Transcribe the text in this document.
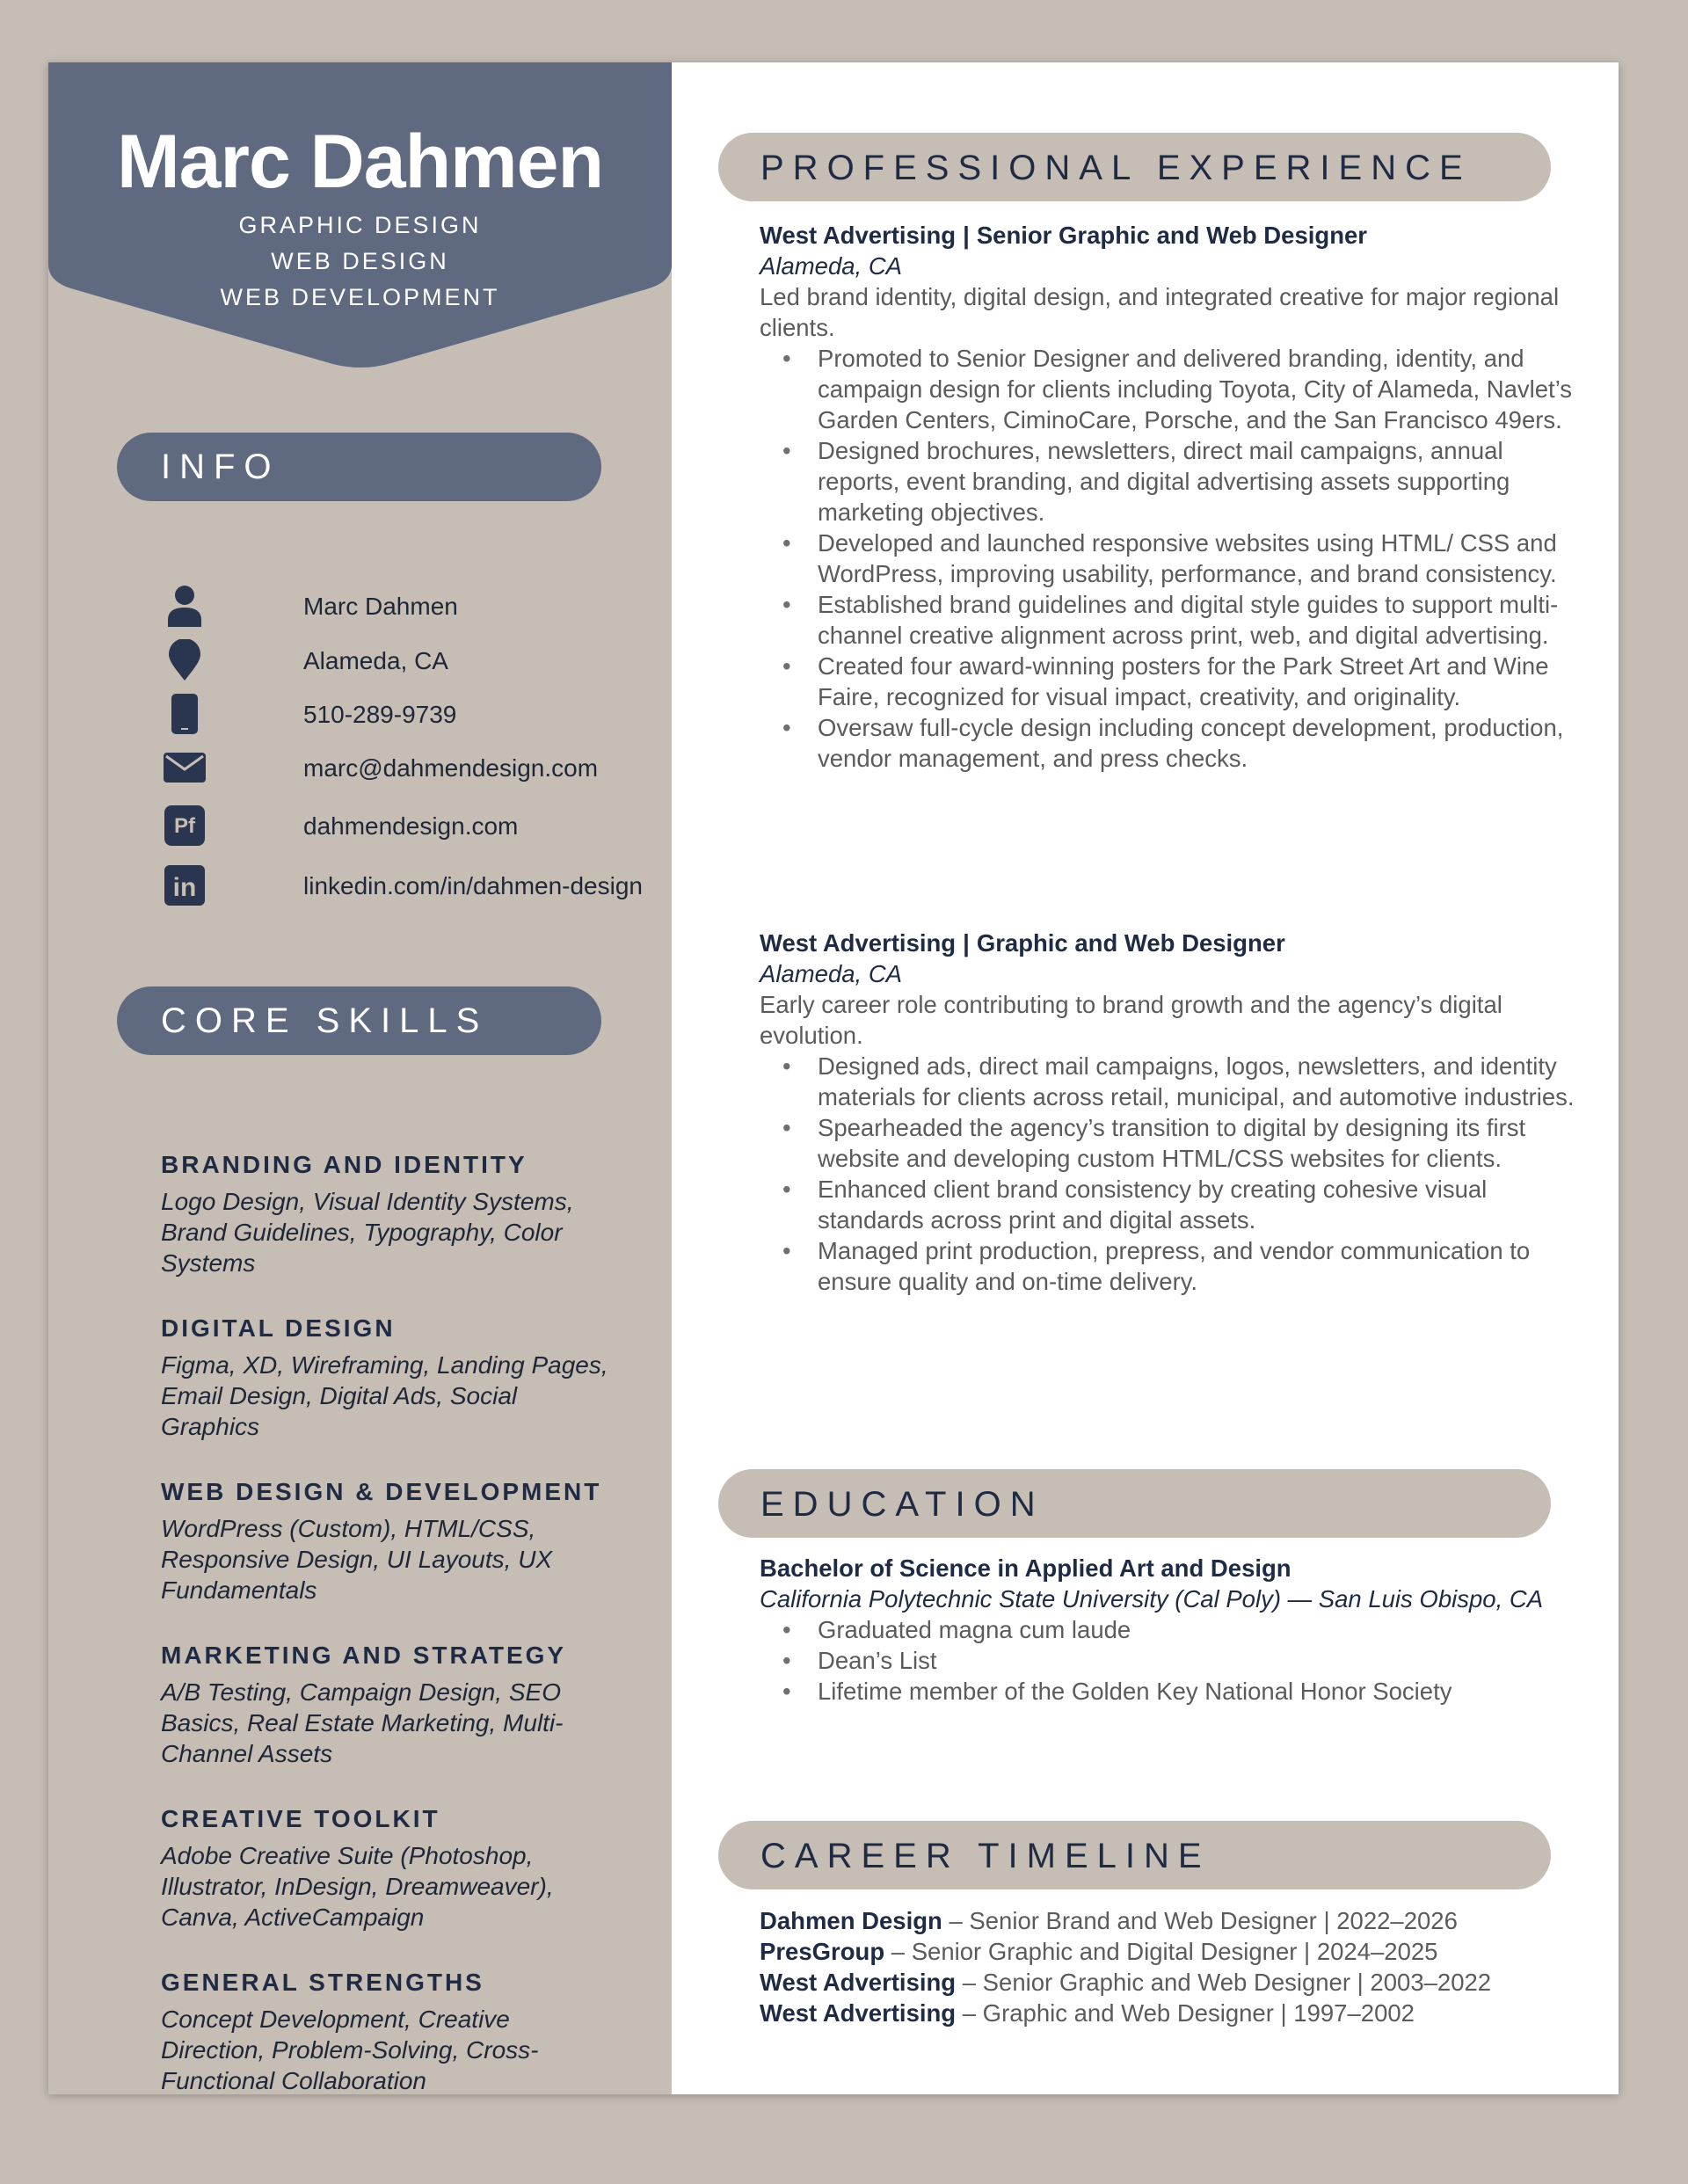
Marc Dahmen
GRAPHIC DESIGN
WEB DESIGN
WEB DEVELOPMENT
INFO
Marc Dahmen
Alameda, CA
510-289-9739
marc@dahmendesign.com
Pf	dahmendesign.com
in	linkedin.com/in/dahmen-design
CORE SKILLS
BRANDING AND IDENTITY

Logo Design, Visual Identity Systems, Brand Guidelines, Typography, Color Systems

DIGITAL DESIGN

Figma, XD, Wireframing, Landing Pages, Email Design, Digital Ads, Social Graphics

WEB DESIGN & DEVELOPMENT

WordPress (Custom), HTML/CSS, Responsive Design, UI Layouts, UX Fundamentals

MARKETING AND STRATEGY

A/B Testing, Campaign Design, SEO Basics, Real Estate Marketing, Multi-Channel Assets

CREATIVE TOOLKIT

Adobe Creative Suite (Photoshop, Illustrator, InDesign, Dreamweaver), Canva, ActiveCampaign

GENERAL STRENGTHS

Concept Development, Creative Direction, Problem-Solving, Cross-Functional Collaboration

PROFESSIONAL EXPERIENCE
West Advertising | Senior Graphic and Web Designer
Alameda, CA
Led brand identity, digital design, and integrated creative for major regional clients.
• Promoted to Senior Designer and delivered branding, identity, and campaign design for clients including Toyota, City of Alameda, Navlet’s Garden Centers, CiminoCare, Porsche, and the San Francisco 49ers.
• Designed brochures, newsletters, direct mail campaigns, annual reports, event branding, and digital advertising assets supporting marketing objectives.
• Developed and launched responsive websites using HTML/ CSS and WordPress, improving usability, performance, and brand consistency.
• Established brand guidelines and digital style guides to support multi-channel creative alignment across print, web, and digital advertising.
• Created four award-winning posters for the Park Street Art and Wine Faire, recognized for visual impact, creativity, and originality.
• Oversaw full-cycle design including concept development, production, vendor management, and press checks.
West Advertising | Graphic and Web Designer
Alameda, CA
Early career role contributing to brand growth and the agency’s digital evolution.
• Designed ads, direct mail campaigns, logos, newsletters, and identity materials for clients across retail, municipal, and automotive industries.
• Spearheaded the agency’s transition to digital by designing its first website and developing custom HTML/CSS websites for clients.
• Enhanced client brand consistency by creating cohesive visual standards across print and digital assets.
• Managed print production, prepress, and vendor communication to ensure quality and on-time delivery.
EDUCATION
Bachelor of Science in Applied Art and Design
California Polytechnic State University (Cal Poly) — San Luis Obispo, CA
• Graduated magna cum laude
• Dean’s List
• Lifetime member of the Golden Key National Honor Society
CAREER TIMELINE
Dahmen Design – Senior Brand and Web Designer | 2022–2026
PresGroup – Senior Graphic and Digital Designer | 2024–2025
West Advertising – Senior Graphic and Web Designer | 2003–2022
West Advertising – Graphic and Web Designer | 1997–2002
